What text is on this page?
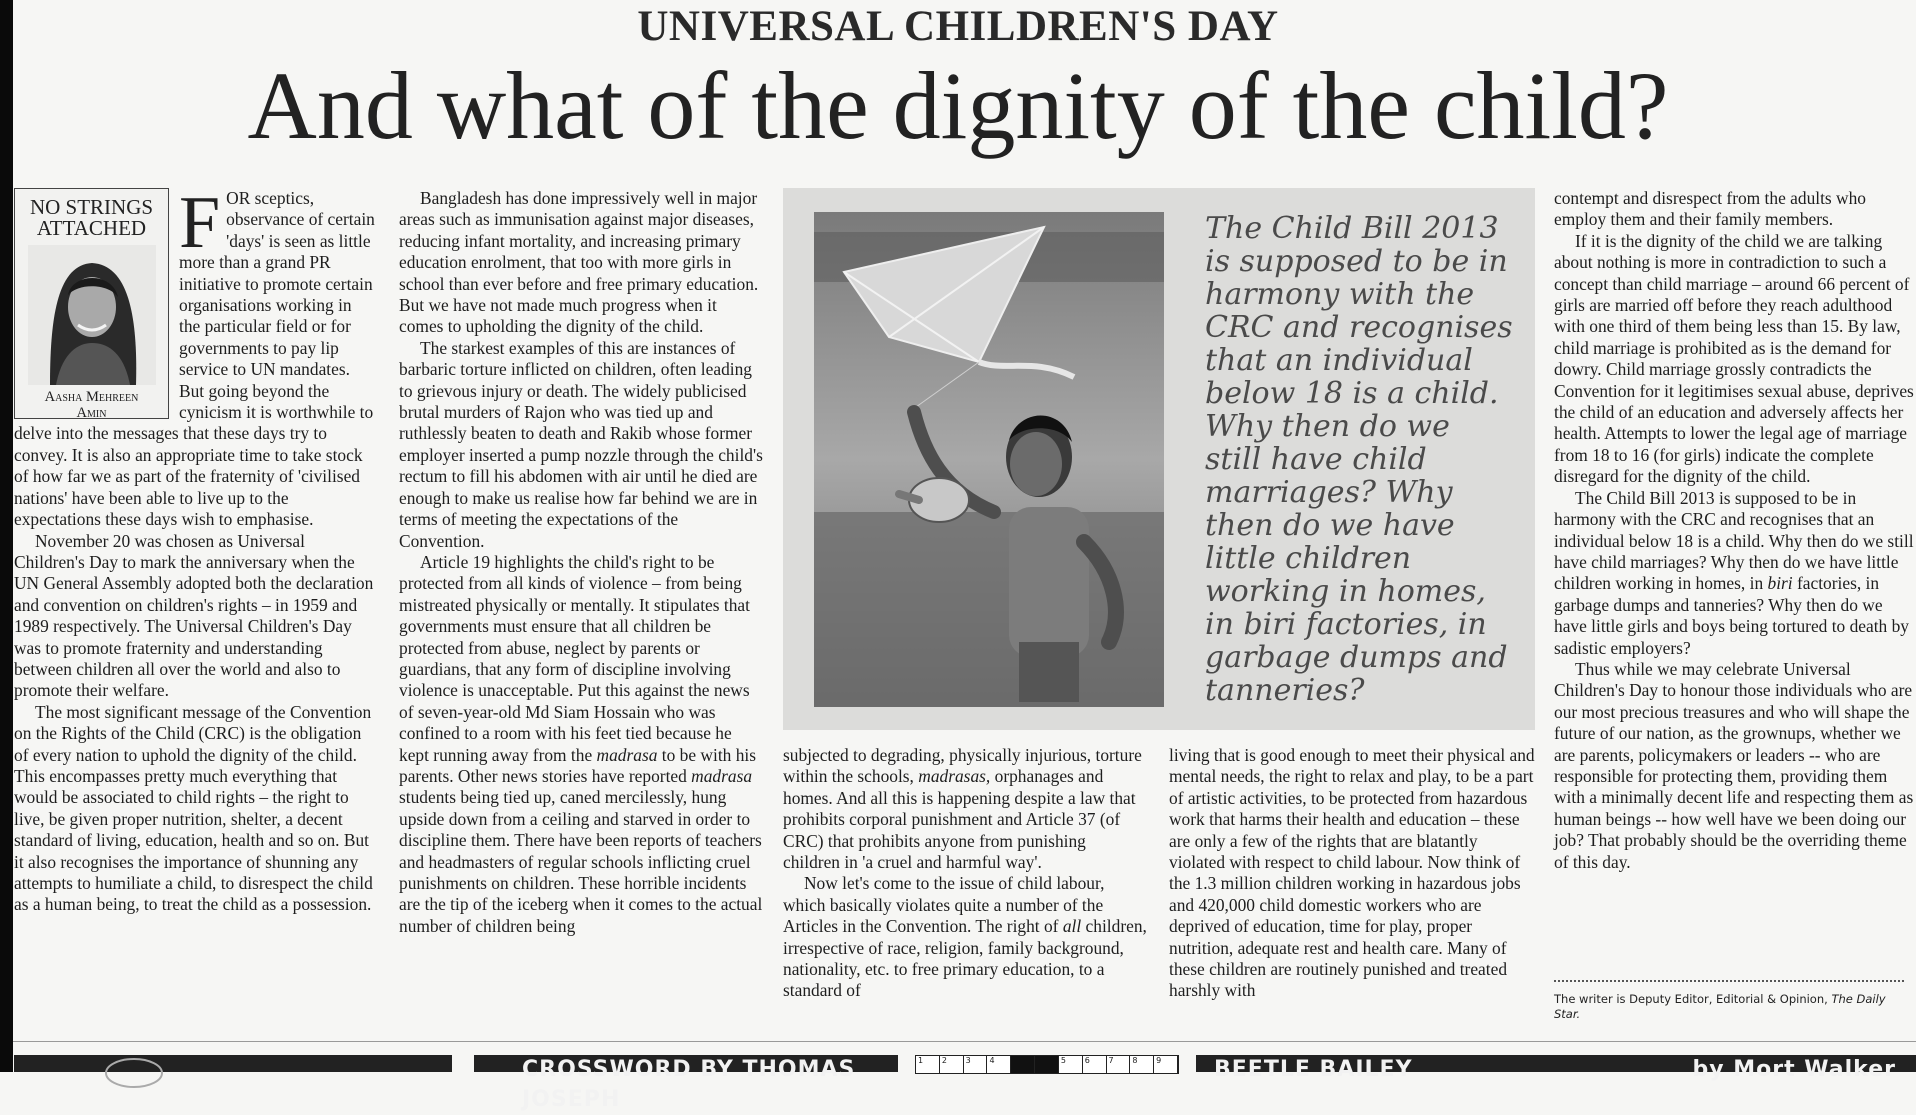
UNIVERSAL CHILDREN'S DAY
And what of the dignity of the child?
NO STRINGS
ATTACHED
Aasha Mehreen
Amin
F OR sceptics, observance of certain 'days' is seen as little more than a grand PR initiative to promote certain organisations working in the particular field or for governments to pay lip service to UN mandates. But going beyond the cynicism it is worthwhile to delve into the messages that these days try to convey. It is also an appropriate time to take stock of how far we as part of the fraternity of 'civilised nations' have been able to live up to the expectations these days wish to emphasise.

November 20 was chosen as Universal Children's Day to mark the anniversary when the UN General Assembly adopted both the declaration and convention on children's rights – in 1959 and 1989 respectively. The Universal Children's Day was to promote fraternity and understanding between children all over the world and also to promote their welfare.

The most significant message of the Convention on the Rights of the Child (CRC) is the obligation of every nation to uphold the dignity of the child. This encompasses pretty much everything that would be associated to child rights – the right to live, be given proper nutrition, shelter, a decent standard of living, education, health and so on. But it also recognises the importance of shunning any attempts to humiliate a child, to disrespect the child as a human being, to treat the child as a possession.

Bangladesh has done impressively well in major areas such as immunisation against major diseases, reducing infant mortality, and increasing primary education enrolment, that too with more girls in school than ever before and free primary education. But we have not made much progress when it comes to upholding the dignity of the child.

The starkest examples of this are instances of barbaric torture inflicted on children, often leading to grievous injury or death. The widely publicised brutal murders of Rajon who was tied up and ruthlessly beaten to death and Rakib whose former employer inserted a pump nozzle through the child's rectum to fill his abdomen with air until he died are enough to make us realise how far behind we are in terms of meeting the expectations of the Convention.

Article 19 highlights the child's right to be protected from all kinds of violence – from being mistreated physically or mentally. It stipulates that governments must ensure that all children be protected from abuse, neglect by parents or guardians, that any form of discipline involving violence is unacceptable. Put this against the news of seven-year-old Md Siam Hossain who was confined to a room with his feet tied because he kept running away from the madrasa to be with his parents. Other news stories have reported madrasa students being tied up, caned mercilessly, hung upside down from a ceiling and starved in order to discipline them. There have been reports of teachers and headmasters of regular schools inflicting cruel punishments on children. These horrible incidents are the tip of the iceberg when it comes to the actual number of children being

The Child Bill 2013 is supposed to be in harmony with the CRC and recognises that an individual below 18 is a child. Why then do we still have child marriages? Why then do we have little children working in homes, in biri factories, in garbage dumps and tanneries?

subjected to degrading, physically injurious, torture within the schools, madrasas, orphanages and homes. And all this is happening despite a law that prohibits corporal punishment and Article 37 (of CRC) that prohibits anyone from punishing children in 'a cruel and harmful way'.

Now let's come to the issue of child labour, which basically violates quite a number of the Articles in the Convention. The right of all children, irrespective of race, religion, family background, nationality, etc. to free primary education, to a standard of

living that is good enough to meet their physical and mental needs, the right to relax and play, to be a part of artistic activities, to be protected from hazardous work that harms their health and education – these are only a few of the rights that are blatantly violated with respect to child labour. Now think of the 1.3 million children working in hazardous jobs and 420,000 child domestic workers who are deprived of education, time for play, proper nutrition, adequate rest and health care. Many of these children are routinely punished and treated harshly with

contempt and disrespect from the adults who employ them and their family members.

If it is the dignity of the child we are talking about nothing is more in contradiction to such a concept than child marriage – around 66 percent of girls are married off before they reach adulthood with one third of them being less than 15. By law, child marriage is prohibited as is the demand for dowry. Child marriage grossly contradicts the Convention for it legitimises sexual abuse, deprives the child of an education and adversely affects her health. Attempts to lower the legal age of marriage from 18 to 16 (for girls) indicate the complete disregard for the dignity of the child.

The Child Bill 2013 is supposed to be in harmony with the CRC and recognises that an individual below 18 is a child. Why then do we still have child marriages? Why then do we have little children working in homes, in biri factories, in garbage dumps and tanneries? Why then do we have little girls and boys being tortured to death by sadistic employers?

Thus while we may celebrate Universal Children's Day to honour those individuals who are our most precious treasures and who will shape the future of our nation, as the grownups, whether we are parents, policymakers or leaders -- who are responsible for protecting them, providing them with a minimally decent life and respecting them as human beings -- how well have we been doing our job? That probably should be the overriding theme of this day.

The writer is Deputy Editor, Editorial & Opinion, The Daily Star.
CROSSWORD BY THOMAS JOSEPH
1	2	3	4	5	6	7	8	9	BEETLE BAILEY	by Mort Walker
